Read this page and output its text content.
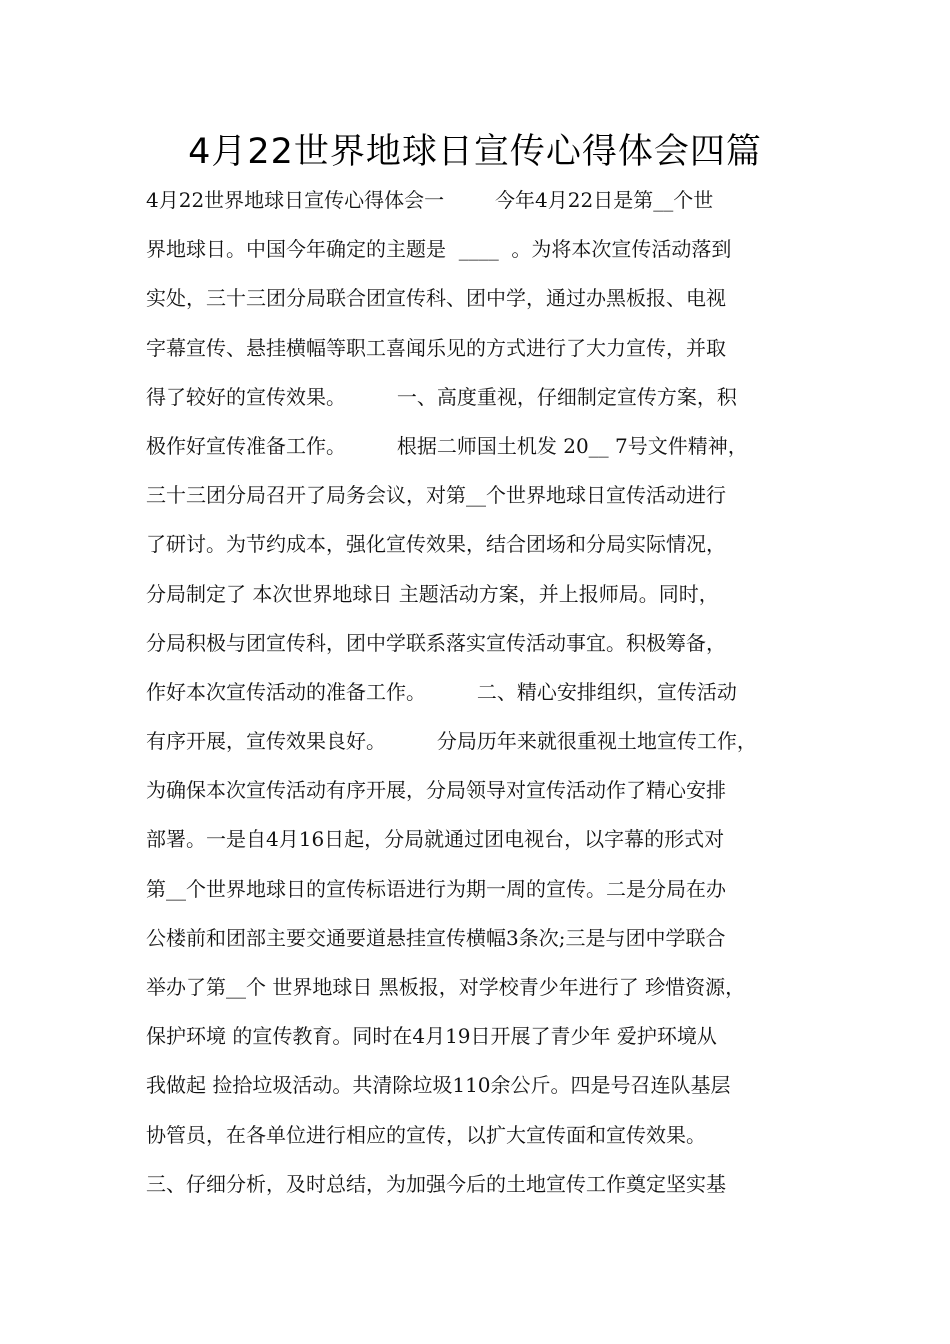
4月22世界地球日宣传心得体会四篇
4月22世界地球日宣传心得体会一        今年4月22日是第__个世
界地球日。中国今年确定的主题是  ____  。为将本次宣传活动落到
实处，三十三团分局联合团宣传科、团中学，通过办黑板报、电视
字幕宣传、悬挂横幅等职工喜闻乐见的方式进行了大力宣传，并取
得了较好的宣传效果。        一、高度重视，仔细制定宣传方案，积
极作好宣传准备工作。        根据二师国土机发 20__ 7号文件精神，
三十三团分局召开了局务会议，对第__个世界地球日宣传活动进行
了研讨。为节约成本，强化宣传效果，结合团场和分局实际情况，
分局制定了 本次世界地球日 主题活动方案，并上报师局。同时，
分局积极与团宣传科，团中学联系落实宣传活动事宜。积极筹备，
作好本次宣传活动的准备工作。        二、精心安排组织，宣传活动
有序开展，宣传效果良好。        分局历年来就很重视土地宣传工作，
为确保本次宣传活动有序开展，分局领导对宣传活动作了精心安排
部署。一是自4月16日起，分局就通过团电视台，以字幕的形式对
第__个世界地球日的宣传标语进行为期一周的宣传。二是分局在办
公楼前和团部主要交通要道悬挂宣传横幅3条次;三是与团中学联合
举办了第__个 世界地球日 黑板报，对学校青少年进行了 珍惜资源，
保护环境 的宣传教育。同时在4月19日开展了青少年 爱护环境从
我做起 捡拾垃圾活动。共清除垃圾110余公斤。四是号召连队基层
协管员，在各单位进行相应的宣传，以扩大宣传面和宣传效果。
三、仔细分析，及时总结，为加强今后的土地宣传工作奠定坚实基
